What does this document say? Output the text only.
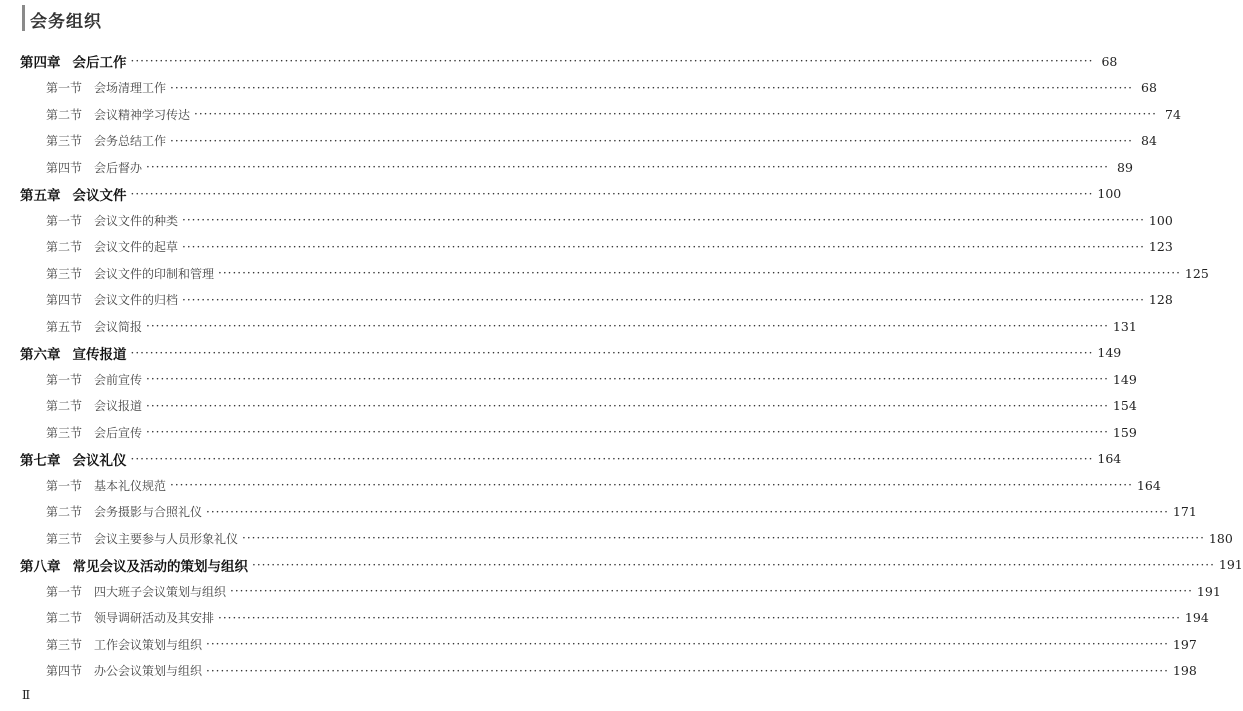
会务组织
第四章 会后工作 ········································································································································································································ 68
第一节 会场清理工作 ········································································································································································································ 68
第二节 会议精神学习传达 ········································································································································································································ 74
第三节 会务总结工作 ········································································································································································································ 84
第四节 会后督办 ········································································································································································································ 89
第五章 会议文件 ········································································································································································································ 100
第一节 会议文件的种类 ········································································································································································································ 100
第二节 会议文件的起草 ········································································································································································································ 123
第三节 会议文件的印制和管理 ········································································································································································································ 125
第四节 会议文件的归档 ········································································································································································································ 128
第五节 会议简报 ········································································································································································································ 131
第六章 宣传报道 ········································································································································································································ 149
第一节 会前宣传 ········································································································································································································ 149
第二节 会议报道 ········································································································································································································ 154
第三节 会后宣传 ········································································································································································································ 159
第七章 会议礼仪 ········································································································································································································ 164
第一节 基本礼仪规范 ········································································································································································································ 164
第二节 会务摄影与合照礼仪 ········································································································································································································ 171
第三节 会议主要参与人员形象礼仪 ········································································································································································································ 180
第八章 常见会议及活动的策划与组织 ········································································································································································································ 191
第一节 四大班子会议策划与组织 ········································································································································································································ 191
第二节 领导调研活动及其安排 ········································································································································································································ 194
第三节 工作会议策划与组织 ········································································································································································································ 197
第四节 办公会议策划与组织 ········································································································································································································ 198
Ⅱ
